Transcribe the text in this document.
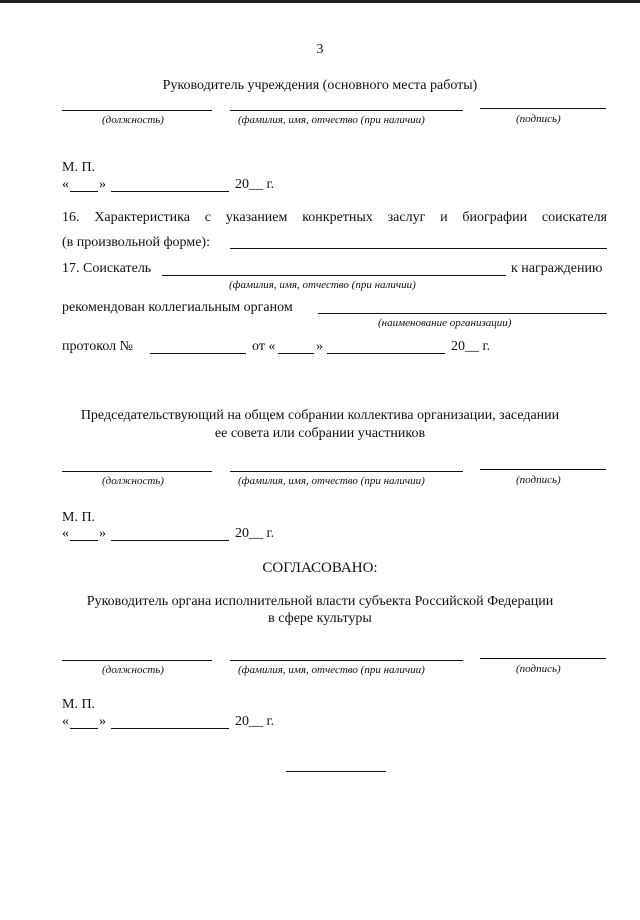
3
Руководитель учреждения (основного места работы)
(должность)	(фамилия, имя, отчество (при наличии)	(подпись)
М. П.
« »	20__ г.
16. Характеристика с указанием конкретных заслуг и биографии соискателя
(в произвольной форме):
17. Соискатель	к награждению
(фамилия, имя, отчество (при наличии)
рекомендован коллегиальным органом
(наименование организации)
протокол №	от «	»	20__ г.
Председательствующий на общем собрании коллектива организации, заседании
ее совета или собрании участников
(должность)	(фамилия, имя, отчество (при наличии)	(подпись)
М. П.
« »	20__ г.
СОГЛАСОВАНО:
Руководитель органа исполнительной власти субъекта Российской Федерации
в сфере культуры
(должность)	(фамилия, имя, отчество (при наличии)	(подпись)
М. П.
« »	20__ г.
